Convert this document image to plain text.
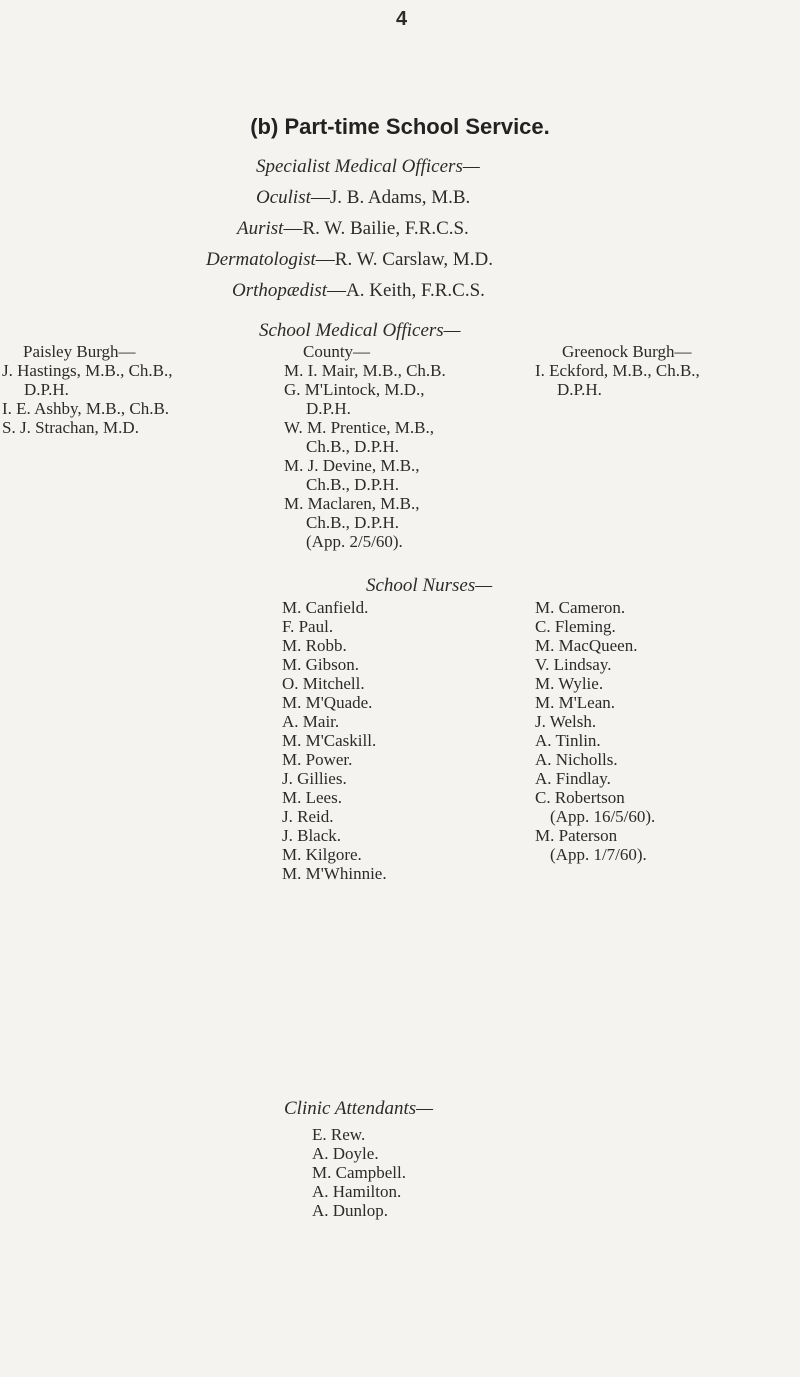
4
(b) Part-time School Service.
Specialist Medical Officers—
Oculist—J. B. Adams, M.B.
Aurist—R. W. Bailie, F.R.C.S.
Dermatologist—R. W. Carslaw, M.D.
Orthopædist—A. Keith, F.R.C.S.
School Medical Officers—
Paisley Burgh—
J. Hastings, M.B., Ch.B.,
D.P.H.
I. E. Ashby, M.B., Ch.B.
S. J. Strachan, M.D.
County—
M. I. Mair, M.B., Ch.B.
G. M'Lintock, M.D.,
D.P.H.
W. M. Prentice, M.B.,
Ch.B., D.P.H.
M. J. Devine, M.B.,
Ch.B., D.P.H.
M. Maclaren, M.B.,
Ch.B., D.P.H.
(App. 2/5/60).
Greenock Burgh—
I. Eckford, M.B., Ch.B.,
D.P.H.
School Nurses—
M. Canfield.
F. Paul.
M. Robb.
M. Gibson.
O. Mitchell.
M. M'Quade.
A. Mair.
M. M'Caskill.
M. Power.
J. Gillies.
M. Lees.
J. Reid.
J. Black.
M. Kilgore.
M. M'Whinnie.
M. Cameron.
C. Fleming.
M. MacQueen.
V. Lindsay.
M. Wylie.
M. M'Lean.
J. Welsh.
A. Tinlin.
A. Nicholls.
A. Findlay.
C. Robertson
(App. 16/5/60).
M. Paterson
(App. 1/7/60).
Clinic Attendants—
E. Rew.
A. Doyle.
M. Campbell.
A. Hamilton.
A. Dunlop.
